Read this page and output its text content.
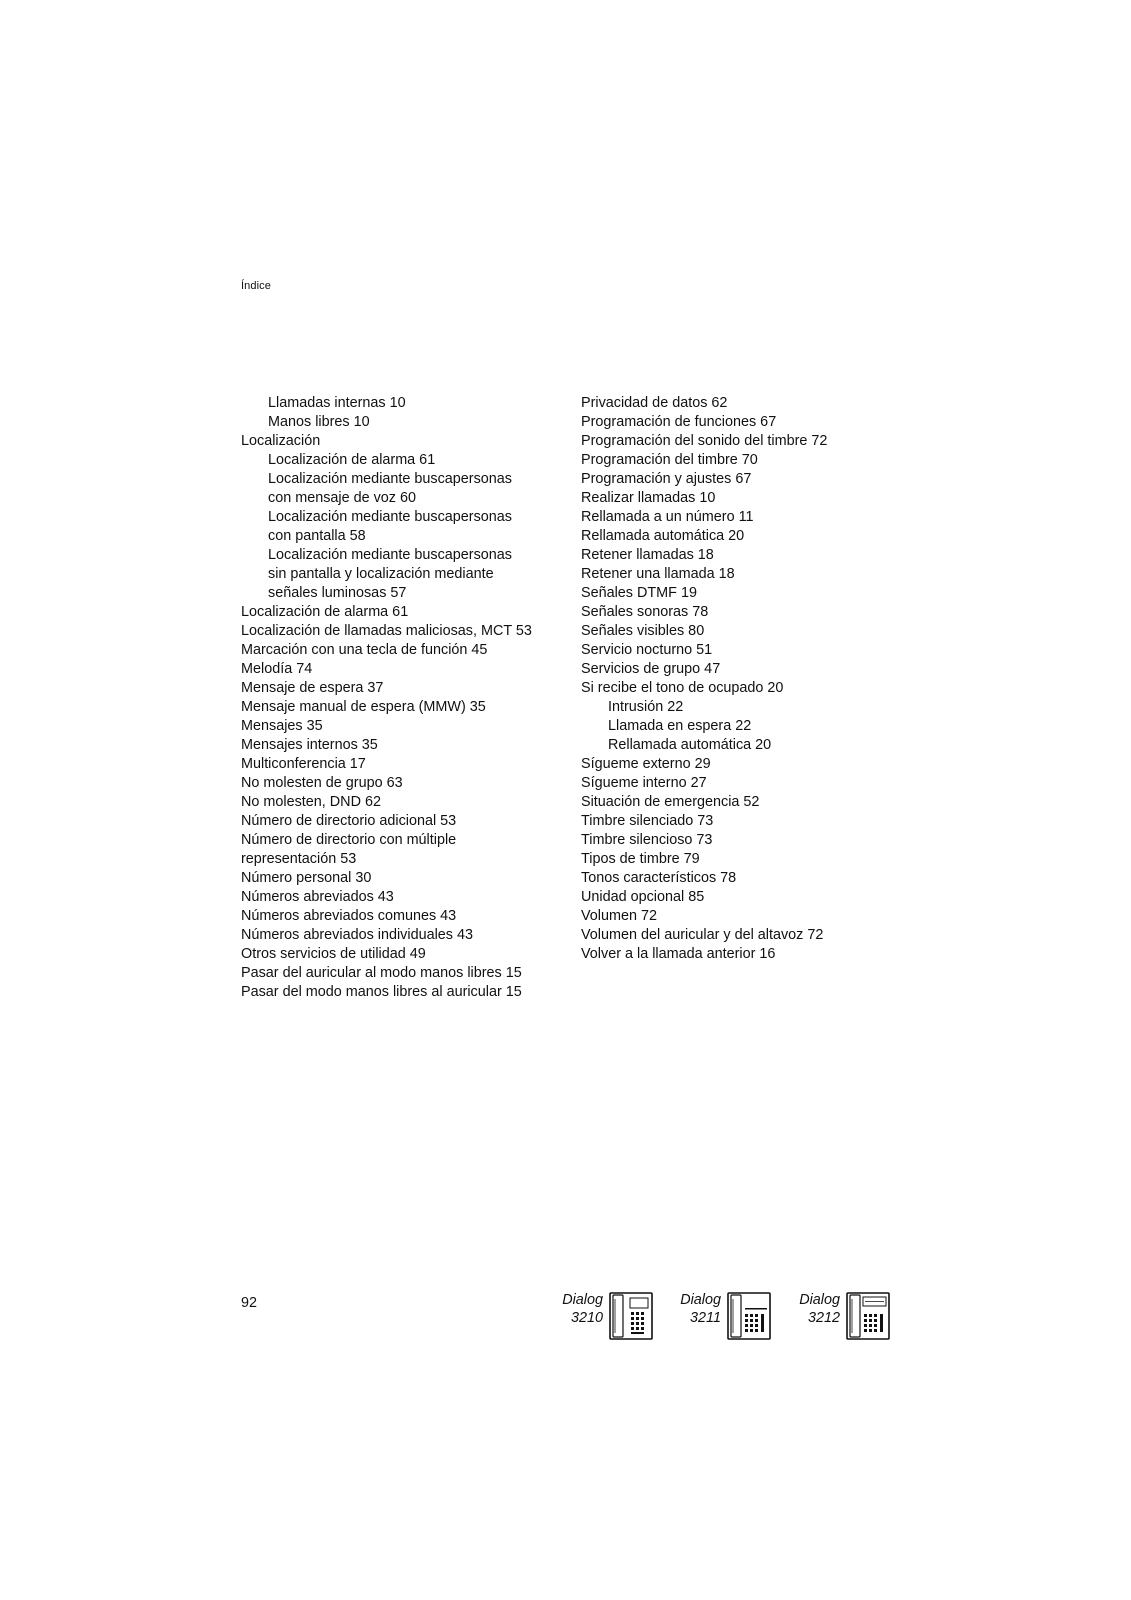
Índice
Llamadas internas 10
Manos libres 10
Localización
Localización de alarma 61
Localización mediante buscapersonas
con mensaje de voz 60
Localización mediante buscapersonas
con pantalla 58
Localización mediante buscapersonas
sin pantalla y localización mediante
señales luminosas 57
Localización de alarma 61
Localización de llamadas maliciosas, MCT 53
Marcación con una tecla de función 45
Melodía 74
Mensaje de espera 37
Mensaje manual de espera (MMW) 35
Mensajes 35
Mensajes internos 35
Multiconferencia 17
No molesten de grupo 63
No molesten, DND 62
Número de directorio adicional 53
Número de directorio con múltiple
representación 53
Número personal 30
Números abreviados 43
Números abreviados comunes 43
Números abreviados individuales 43
Otros servicios de utilidad 49
Pasar del auricular al modo manos libres 15
Pasar del modo manos libres al auricular 15
Privacidad de datos 62
Programación de funciones 67
Programación del sonido del timbre 72
Programación del timbre 70
Programación y ajustes 67
Realizar llamadas 10
Rellamada a un número 11
Rellamada automática 20
Retener llamadas 18
Retener una llamada 18
Señales DTMF 19
Señales sonoras 78
Señales visibles 80
Servicio nocturno 51
Servicios de grupo 47
Si recibe el tono de ocupado 20
Intrusión 22
Llamada en espera 22
Rellamada automática 20
Sígueme externo 29
Sígueme interno 27
Situación de emergencia 52
Timbre silenciado 73
Timbre silencioso 73
Tipos de timbre 79
Tonos característicos 78
Unidad opcional 85
Volumen 72
Volumen del auricular y del altavoz 72
Volver a la llamada anterior 16
92	Dialog
3210
Dialog
3211
Dialog
3212
